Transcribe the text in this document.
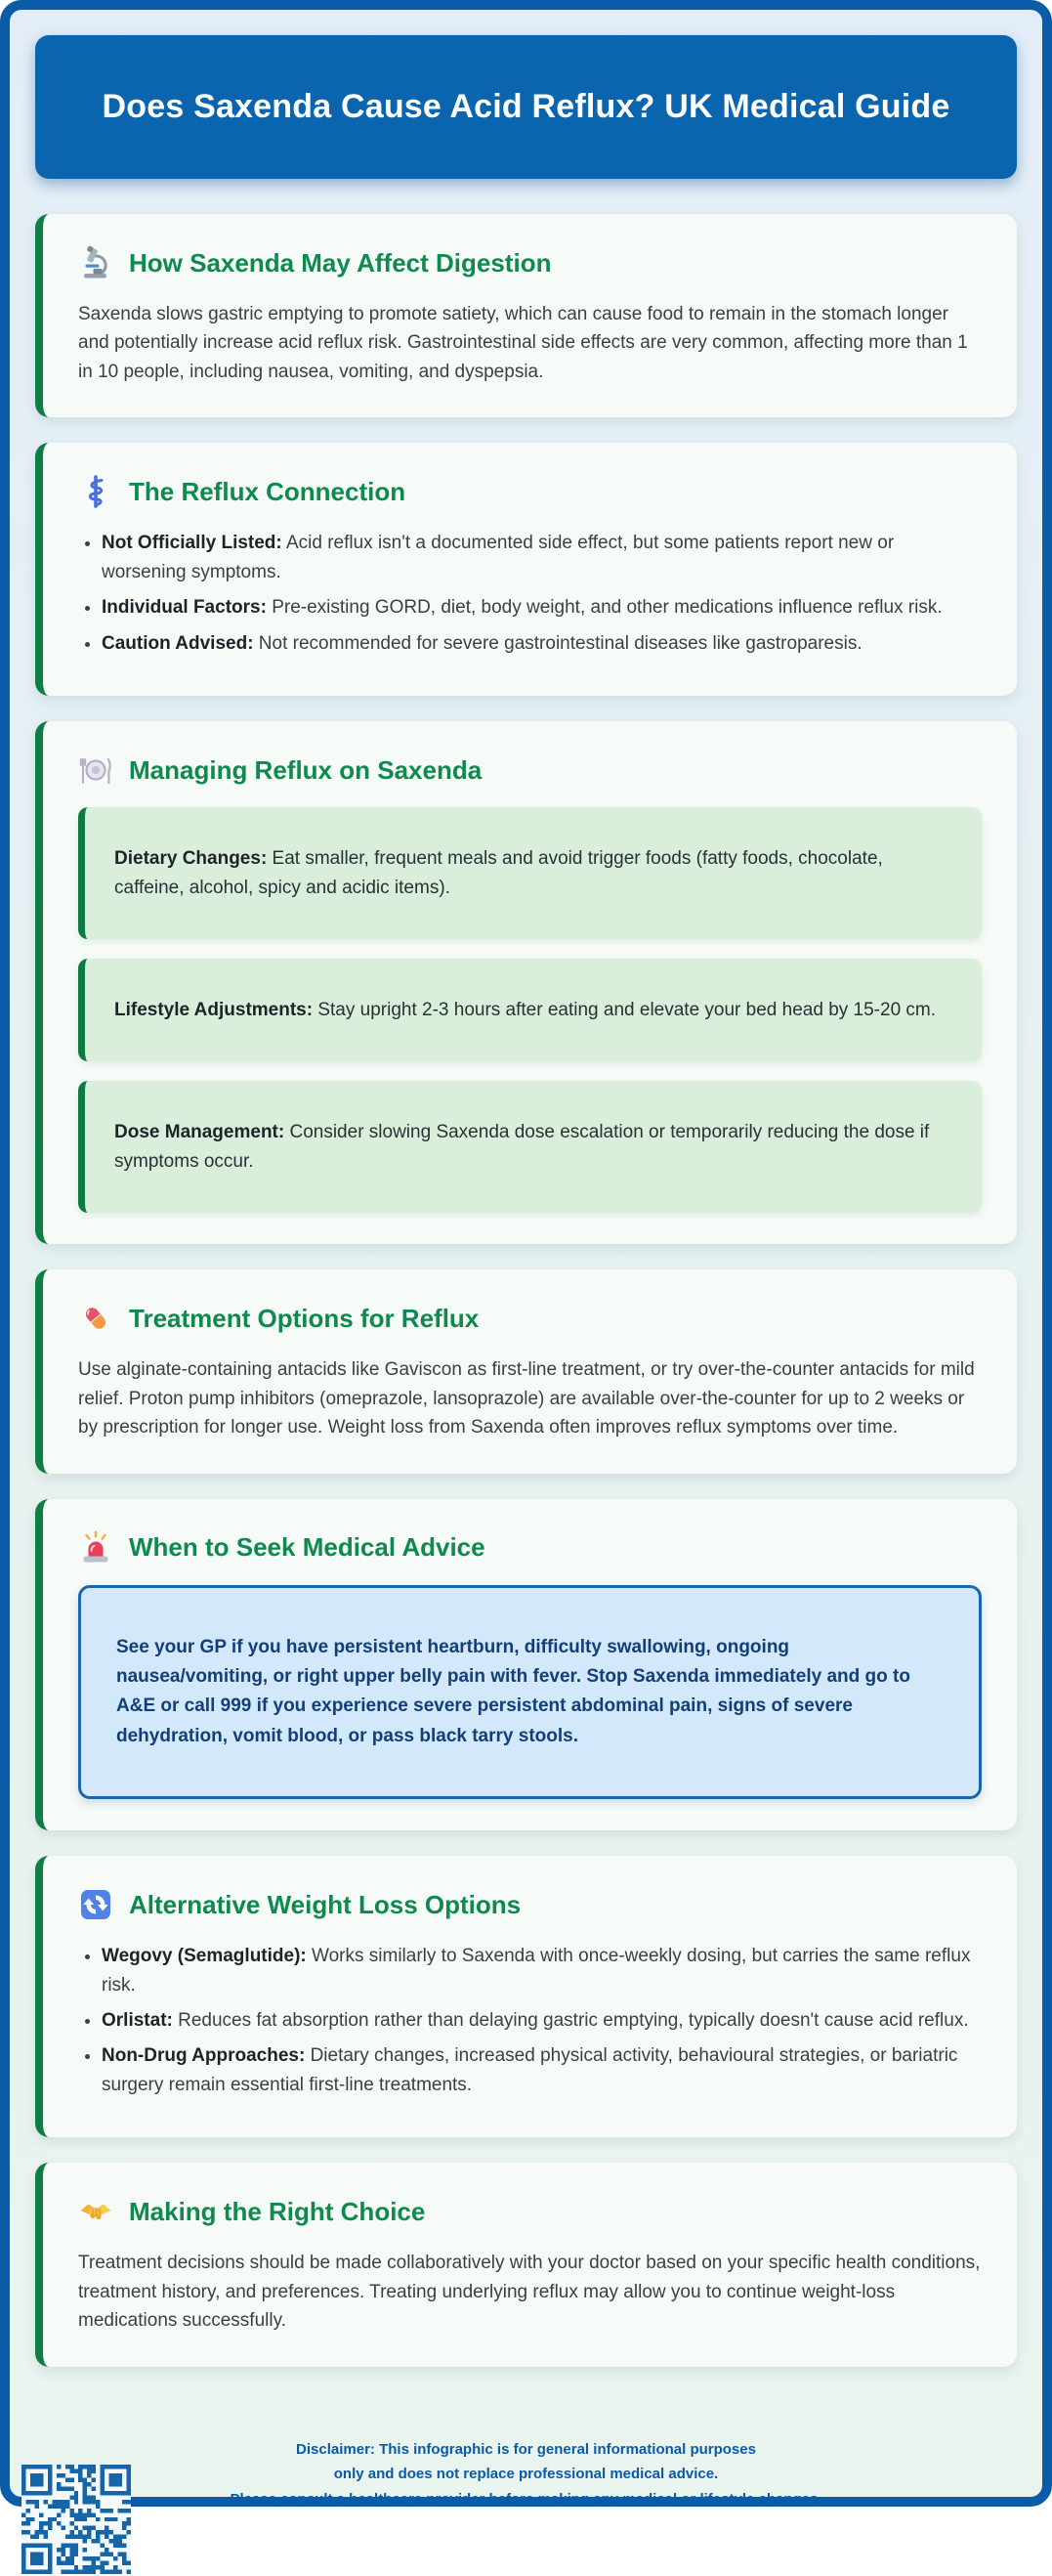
Does Saxenda Cause Acid Reflux? UK Medical Guide
How Saxenda May Affect Digestion

Saxenda slows gastric emptying to promote satiety, which can cause food to remain in the stomach longer and potentially increase acid reflux risk. Gastrointestinal side effects are very common, affecting more than 1 in 10 people, including nausea, vomiting, and dyspepsia.

The Reflux Connection
• Not Officially Listed: Acid reflux isn't a documented side effect, but some patients report new or worsening symptoms.
• Individual Factors: Pre-existing GORD, diet, body weight, and other medications influence reflux risk.
• Caution Advised: Not recommended for severe gastrointestinal diseases like gastroparesis.
Managing Reflux on Saxenda
Dietary Changes: Eat smaller, frequent meals and avoid trigger foods (fatty foods, chocolate, caffeine, alcohol, spicy and acidic items).
Lifestyle Adjustments: Stay upright 2-3 hours after eating and elevate your bed head by 15-20 cm.
Dose Management: Consider slowing Saxenda dose escalation or temporarily reducing the dose if symptoms occur.
Treatment Options for Reflux

Use alginate-containing antacids like Gaviscon as first-line treatment, or try over-the-counter antacids for mild relief. Proton pump inhibitors (omeprazole, lansoprazole) are available over-the-counter for up to 2 weeks or by prescription for longer use. Weight loss from Saxenda often improves reflux symptoms over time.

When to Seek Medical Advice
See your GP if you have persistent heartburn, difficulty swallowing, ongoing nausea/vomiting, or right upper belly pain with fever. Stop Saxenda immediately and go to A&E or call 999 if you experience severe persistent abdominal pain, signs of severe dehydration, vomit blood, or pass black tarry stools.
Alternative Weight Loss Options
• Wegovy (Semaglutide): Works similarly to Saxenda with once-weekly dosing, but carries the same reflux risk.
• Orlistat: Reduces fat absorption rather than delaying gastric emptying, typically doesn't cause acid reflux.
• Non-Drug Approaches: Dietary changes, increased physical activity, behavioural strategies, or bariatric surgery remain essential first-line treatments.
Making the Right Choice

Treatment decisions should be made collaboratively with your doctor based on your specific health conditions, treatment history, and preferences. Treating underlying reflux may allow you to continue weight-loss medications successfully.

Disclaimer: This infographic is for general informational purposes
only and does not replace professional medical advice.
Please consult a healthcare provider before making any medical or lifestyle changes.
